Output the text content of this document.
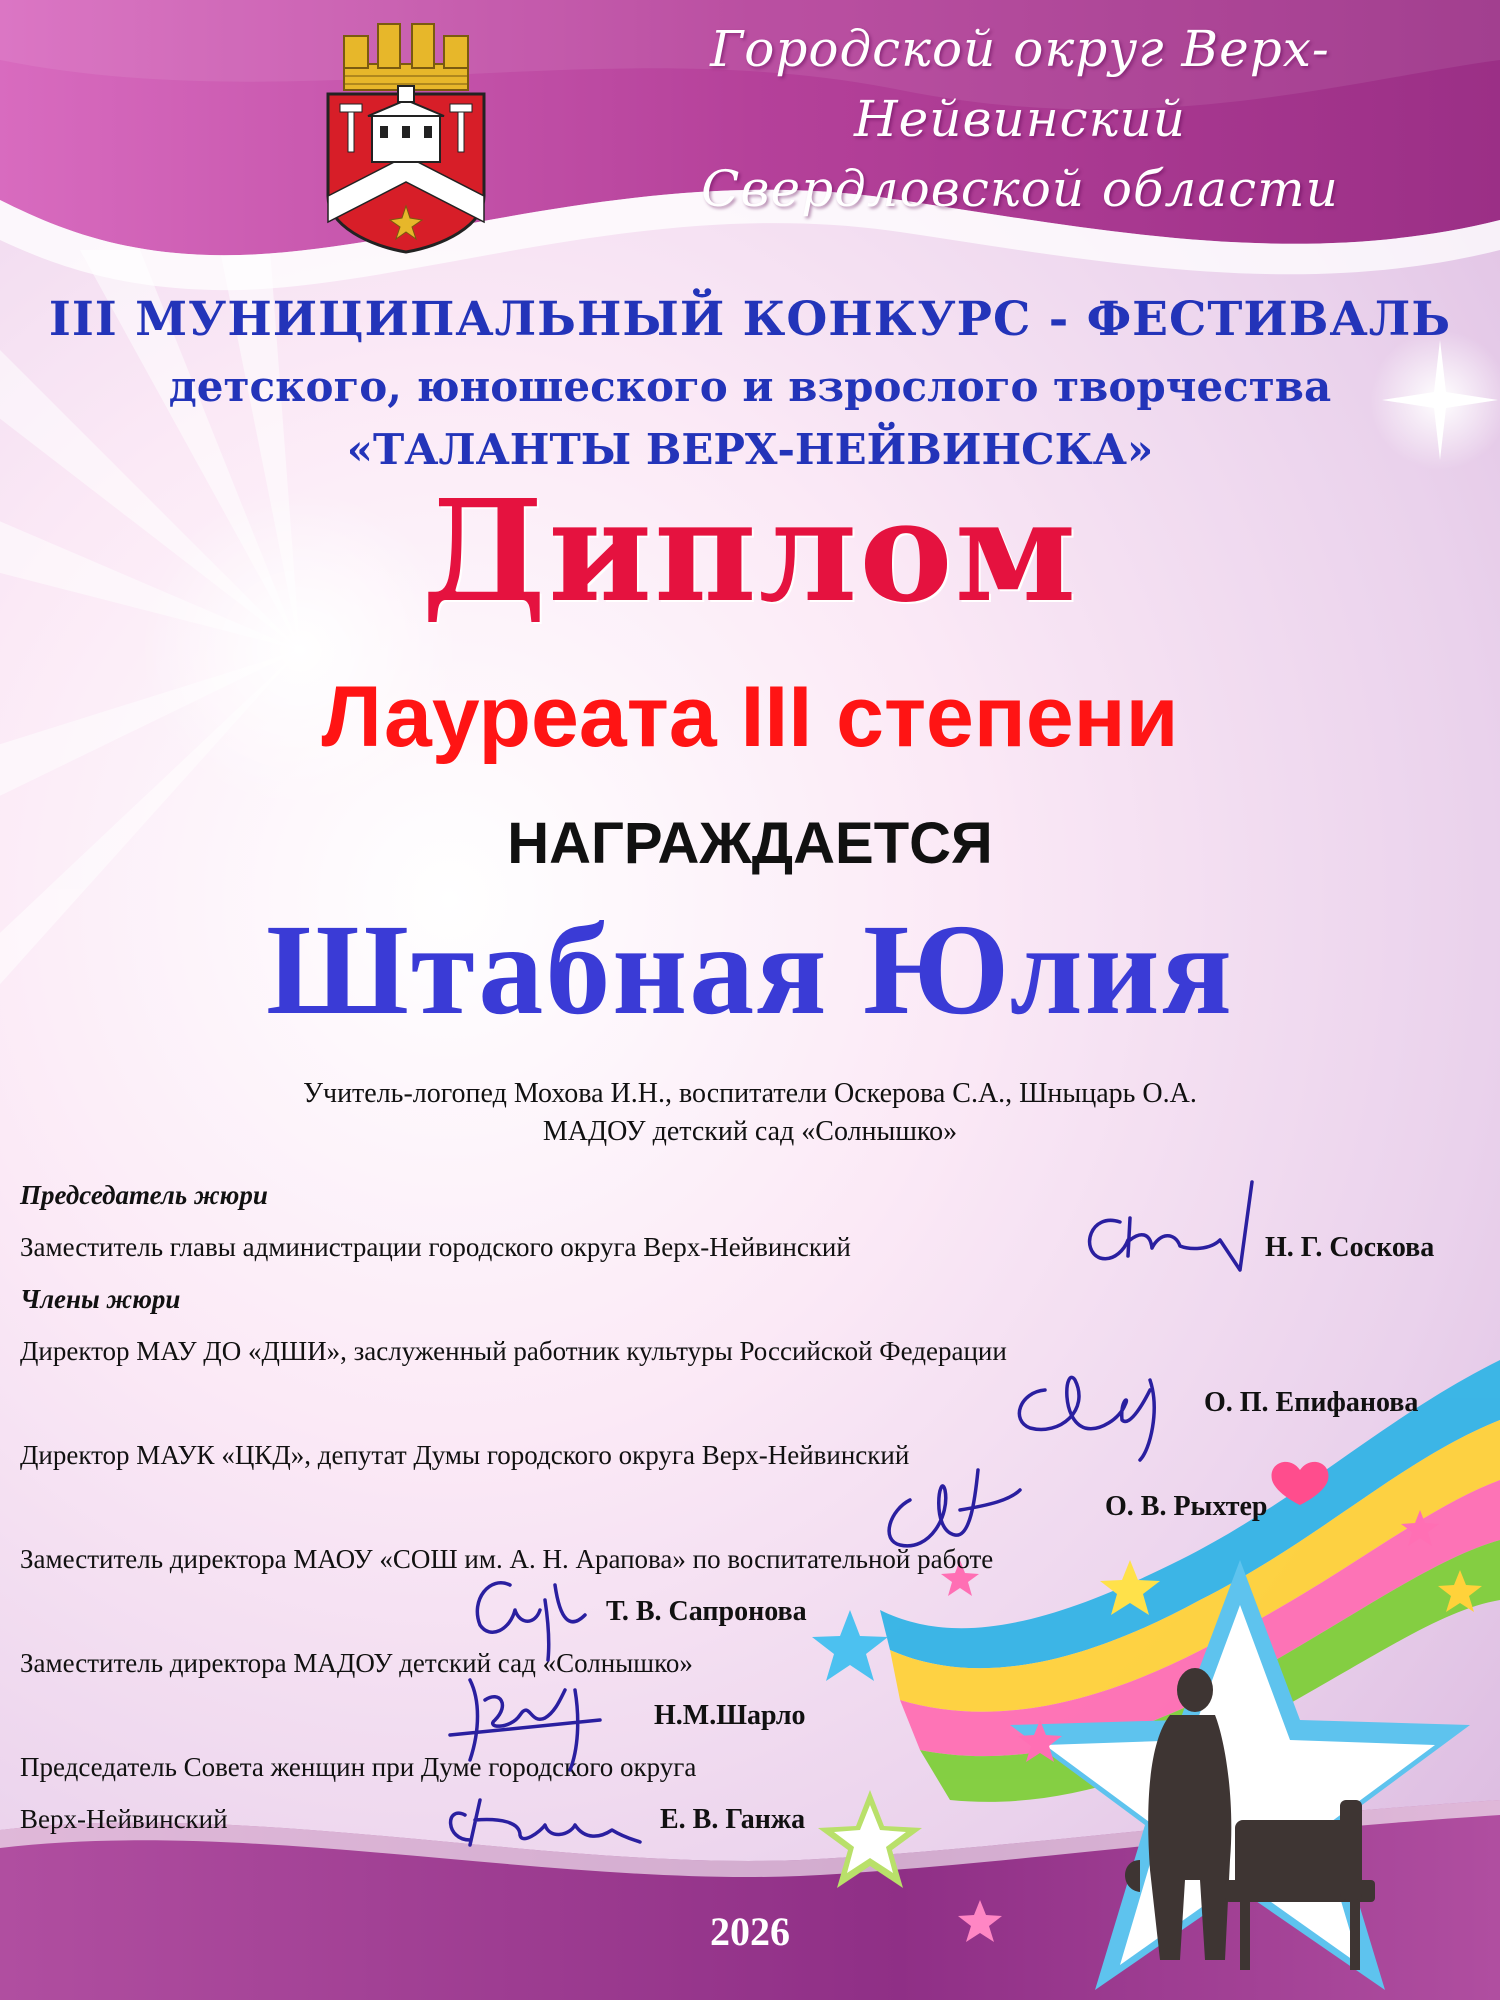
Городской округ Верх-Нейвинский
Свердловской области
III МУНИЦИПАЛЬНЫЙ КОНКУРС - ФЕСТИВАЛЬ
детского, юношеского и взрослого творчества
«ТАЛАНТЫ ВЕРХ-НЕЙВИНСКА»
Диплом
Лауреата III степени
НАГРАЖДАЕТСЯ
Штабная Юлия
Учитель-логопед Мохова И.Н., воспитатели Оскерова С.А., Шныцарь О.А.
МАДОУ детский сад «Солнышко»
Председатель жюри
Заместитель главы администрации городского округа Верх-Нейвинский	Н. Г. Соскова
Члены жюри
Директор МАУ ДО «ДШИ», заслуженный работник культуры Российской Федерации
О. П. Епифанова
Директор МАУК «ЦКД», депутат Думы городского округа Верх-Нейвинский
О. В. Рыхтер
Заместитель директора МАОУ «СОШ им. А. Н. Арапова» по воспитательной работе
Т. В. Сапронова
Заместитель директора МАДОУ детский сад «Солнышко»
Н.М.Шарло
Председатель Совета женщин при Думе городского округа
Верх-Нейвинский	Е. В. Ганжа
2026
